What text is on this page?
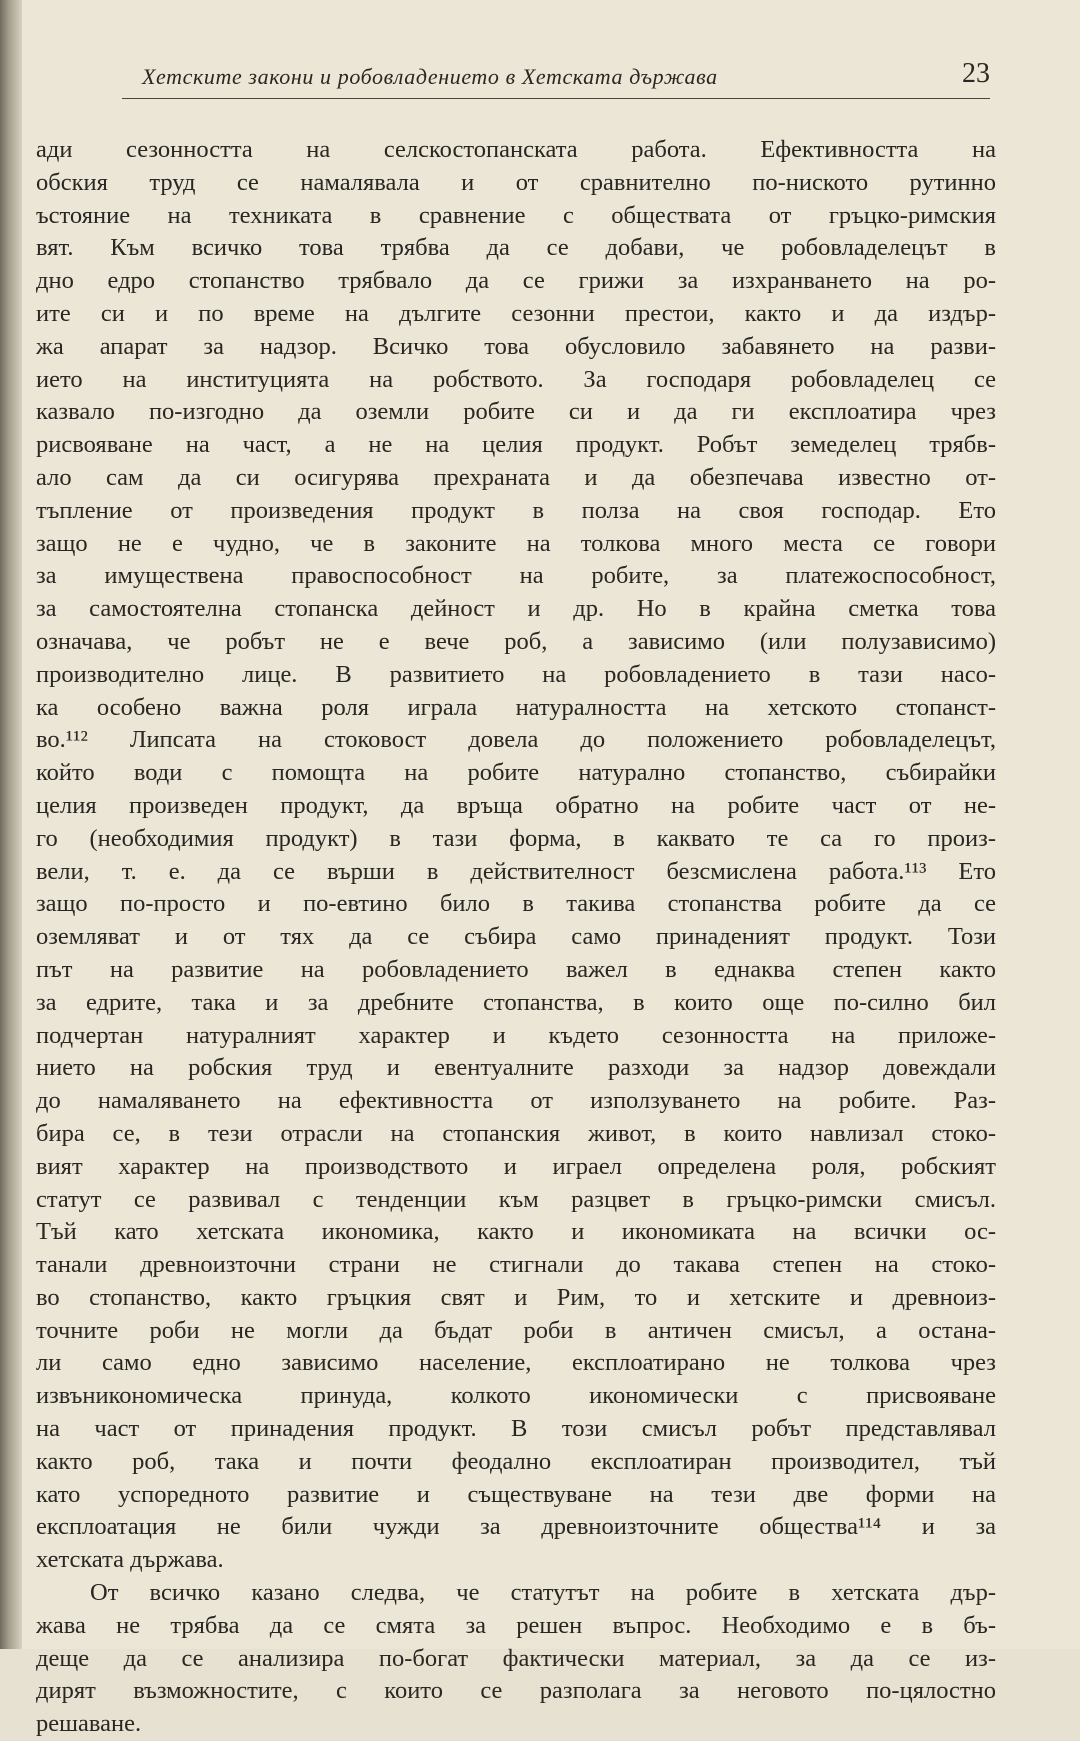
Хетските закони и робовладението в Хетската държава	23
ади сезонността на селскостопанската работа. Ефективността на
обския труд се намалявала и от сравнително по-ниското рутинно
ъстояние на техниката в сравнение с обществата от гръцко-римския
вят. Към всичко това трябва да се добави, че робовладелецът в
дно едро стопанство трябвало да се грижи за изхранването на ро-
ите си и по време на дългите сезонни престои, както и да издър-
жа апарат за надзор. Всичко това обусловило забавянето на разви-
ието на институцията на робството. За господаря робовладелец се
казвало по-изгодно да оземли робите си и да ги експлоатира чрез
рисвояване на част, а не на целия продукт. Робът земеделец трябв-
ало сам да си осигурява прехраната и да обезпечава известно от-
тъпление от произведения продукт в полза на своя господар. Ето
защо не е чудно, че в законите на толкова много места се говори
за имуществена правоспособност на робите, за платежоспособност,
за самостоятелна стопанска дейност и др. Но в крайна сметка това
означава, че робът не е вече роб, а зависимо (или полузависимо)
производително лице. В развитието на робовладението в тази насо-
ка особено важна роля играла натуралността на хетското стопанст-
во.¹¹² Липсата на стоковост довела до положението робовладелецът,
който води с помощта на робите натурално стопанство, събирайки
целия произведен продукт, да връща обратно на робите част от не-
го (необходимия продукт) в тази форма, в каквато те са го произ-
вели, т. е. да се върши в действителност безсмислена работа.¹¹³ Ето
защо по-просто и по-евтино било в такива стопанства робите да се
оземляват и от тях да се събира само принаденият продукт. Този
път на развитие на робовладението важел в еднаква степен както
за едрите, така и за дребните стопанства, в които още по-силно бил
подчертан натуралният характер и където сезонността на приложе-
нието на робския труд и евентуалните разходи за надзор довеждали
до намаляването на ефективността от използуването на робите. Раз-
бира се, в тези отрасли на стопанския живот, в които навлизал стоко-
вият характер на производството и играел определена роля, робският
статут се развивал с тенденции към разцвет в гръцко-римски смисъл.
Тъй като хетската икономика, както и икономиката на всички ос-
танали древноизточни страни не стигнали до такава степен на стоко-
во стопанство, както гръцкия свят и Рим, то и хетските и древноиз-
точните роби не могли да бъдат роби в античен смисъл, а остана-
ли само едно зависимо население, експлоатирано не толкова чрез
извъникономическа принуда, колкото икономически с присвояване
на част от принадения продукт. В този смисъл робът представлявал
както роб, така и почти феодално експлоатиран производител, тъй
като успоредното развитие и съществуване на тези две форми на
експлоатация не били чужди за древноизточните общества¹¹⁴ и за
хетската държава.
От всичко казано следва, че статутът на робите в хетската дър-
жава не трябва да се смята за решен въпрос. Необходимо е в бъ-
деще да се анализира по-богат фактически материал, за да се из-
дирят възможностите, с които се разполага за неговото по-цялостно
решаване.
